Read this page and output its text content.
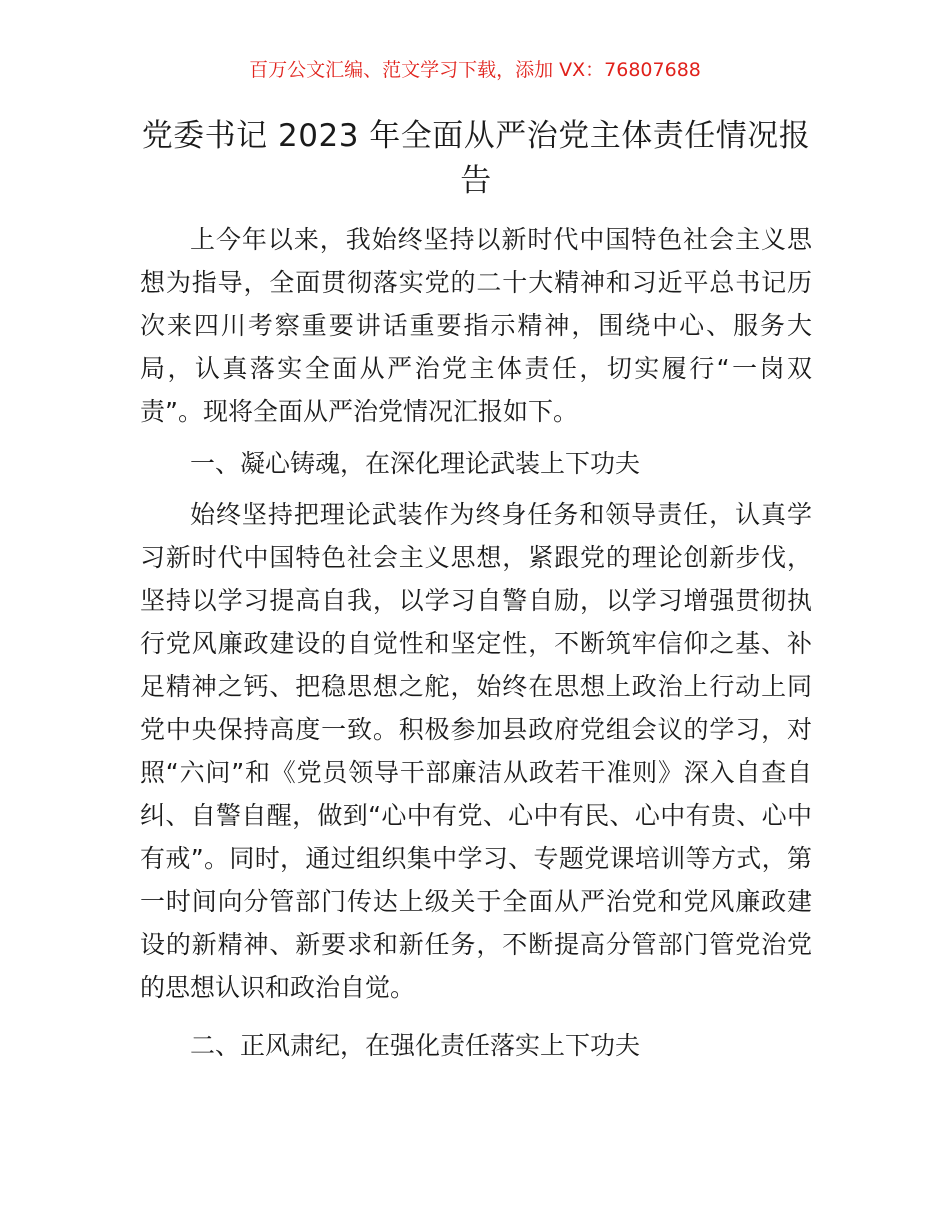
百万公文汇编、范文学习下载，添加 VX：76807688
党委书记 2023 年全面从严治党主体责任情况报告

上今年以来，我始终坚持以新时代中国特色社会主义思想为指导，全面贯彻落实党的二十大精神和习近平总书记历次来四川考察重要讲话重要指示精神，围绕中心、服务大局，认真落实全面从严治党主体责任，切实履行“一岗双责”。现将全面从严治党情况汇报如下。

一、凝心铸魂，在深化理论武装上下功夫

始终坚持把理论武装作为终身任务和领导责任，认真学习新时代中国特色社会主义思想，紧跟党的理论创新步伐，坚持以学习提高自我，以学习自警自励，以学习增强贯彻执行党风廉政建设的自觉性和坚定性，不断筑牢信仰之基、补足精神之钙、把稳思想之舵，始终在思想上政治上行动上同党中央保持高度一致。积极参加县政府党组会议的学习，对照“六问”和《党员领导干部廉洁从政若干准则》深入自查自纠、自警自醒，做到“心中有党、心中有民、心中有贵、心中有戒”。同时，通过组织集中学习、专题党课培训等方式，第一时间向分管部门传达上级关于全面从严治党和党风廉政建设的新精神、新要求和新任务，不断提高分管部门管党治党的思想认识和政治自觉。

二、正风肃纪，在强化责任落实上下功夫
